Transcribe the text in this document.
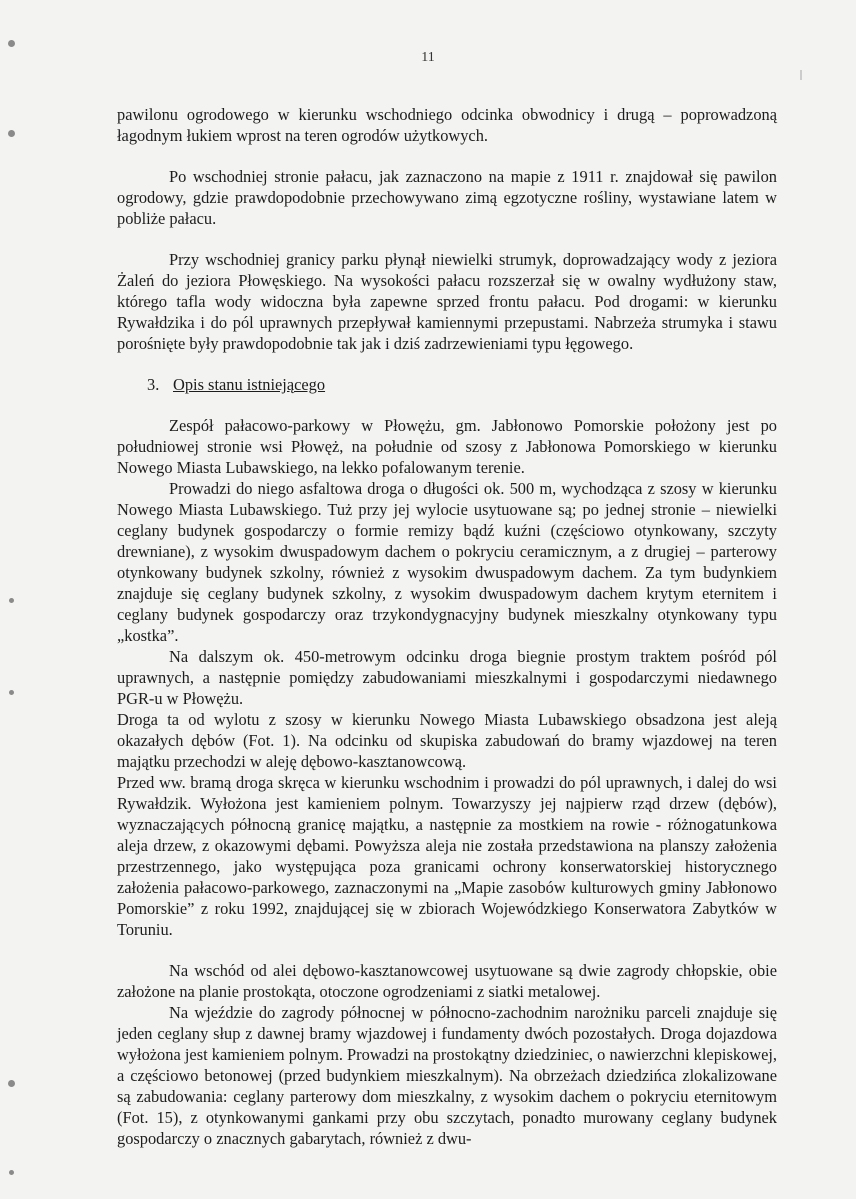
11

pawilonu ogrodowego w kierunku wschodniego odcinka obwodnicy i drugą – poprowadzoną łagodnym łukiem wprost na teren ogrodów użytkowych.

Po wschodniej stronie pałacu, jak zaznaczono na mapie z 1911 r. znajdował się pawilon ogrodowy, gdzie prawdopodobnie przechowywano zimą egzotyczne rośliny, wystawiane latem w pobliże pałacu.

Przy wschodniej granicy parku płynął niewielki strumyk, doprowadzający wody z jeziora Żaleń do jeziora Płowęskiego. Na wysokości pałacu rozszerzał się w owalny wydłużony staw, którego tafla wody widoczna była zapewne sprzed frontu pałacu. Pod drogami: w kierunku Rywałdzika i do pól uprawnych przepływał kamiennymi przepustami. Nabrzeża strumyka i stawu porośnięte były prawdopodobnie tak jak i dziś zadrzewieniami typu łęgowego.

3. Opis stanu istniejącego

Zespół pałacowo-parkowy w Płowężu, gm. Jabłonowo Pomorskie położony jest po południowej stronie wsi Płowęż, na południe od szosy z Jabłonowa Pomorskiego w kierunku Nowego Miasta Lubawskiego, na lekko pofalowanym terenie.

Prowadzi do niego asfaltowa droga o długości ok. 500 m, wychodząca z szosy w kierunku Nowego Miasta Lubawskiego. Tuż przy jej wylocie usytuowane są; po jednej stronie – niewielki ceglany budynek gospodarczy o formie remizy bądź kuźni (częściowo otynkowany, szczyty drewniane), z wysokim dwuspadowym dachem o pokryciu ceramicznym, a z drugiej – parterowy otynkowany budynek szkolny, również z wysokim dwuspadowym dachem. Za tym budynkiem znajduje się ceglany budynek szkolny, z wysokim dwuspadowym dachem krytym eternitem i ceglany budynek gospodarczy oraz trzykondygnacyjny budynek mieszkalny otynkowany typu „kostka”.

Na dalszym ok. 450-metrowym odcinku droga biegnie prostym traktem pośród pól uprawnych, a następnie pomiędzy zabudowaniami mieszkalnymi i gospodarczymi niedawnego PGR-u w Płowężu.

Droga ta od wylotu z szosy w kierunku Nowego Miasta Lubawskiego obsadzona jest aleją okazałych dębów (Fot. 1). Na odcinku od skupiska zabudowań do bramy wjazdowej na teren majątku przechodzi w aleję dębowo-kasztanowcową.

Przed ww. bramą droga skręca w kierunku wschodnim i prowadzi do pól uprawnych, i dalej do wsi Rywałdzik. Wyłożona jest kamieniem polnym. Towarzyszy jej najpierw rząd drzew (dębów), wyznaczających północną granicę majątku, a następnie za mostkiem na rowie - różnogatunkowa aleja drzew, z okazowymi dębami. Powyższa aleja nie została przedstawiona na planszy założenia przestrzennego, jako występująca poza granicami ochrony konserwatorskiej historycznego założenia pałacowo-parkowego, zaznaczonymi na „Mapie zasobów kulturowych gminy Jabłonowo Pomorskie” z roku 1992, znajdującej się w zbiorach Wojewódzkiego Konserwatora Zabytków w Toruniu.

Na wschód od alei dębowo-kasztanowcowej usytuowane są dwie zagrody chłopskie, obie założone na planie prostokąta, otoczone ogrodzeniami z siatki metalowej.

Na wjeździe do zagrody północnej w północno-zachodnim narożniku parceli znajduje się jeden ceglany słup z dawnej bramy wjazdowej i fundamenty dwóch pozostałych. Droga dojazdowa wyłożona jest kamieniem polnym. Prowadzi na prostokątny dziedziniec, o nawierzchni klepiskowej, a częściowo betonowej (przed budynkiem mieszkalnym). Na obrzeżach dziedzińca zlokalizowane są zabudowania: ceglany parterowy dom mieszkalny, z wysokim dachem o pokryciu eternitowym (Fot. 15), z otynkowanymi gankami przy obu szczytach, ponadto murowany ceglany budynek gospodarczy o znacznych gabarytach, również z dwu-
